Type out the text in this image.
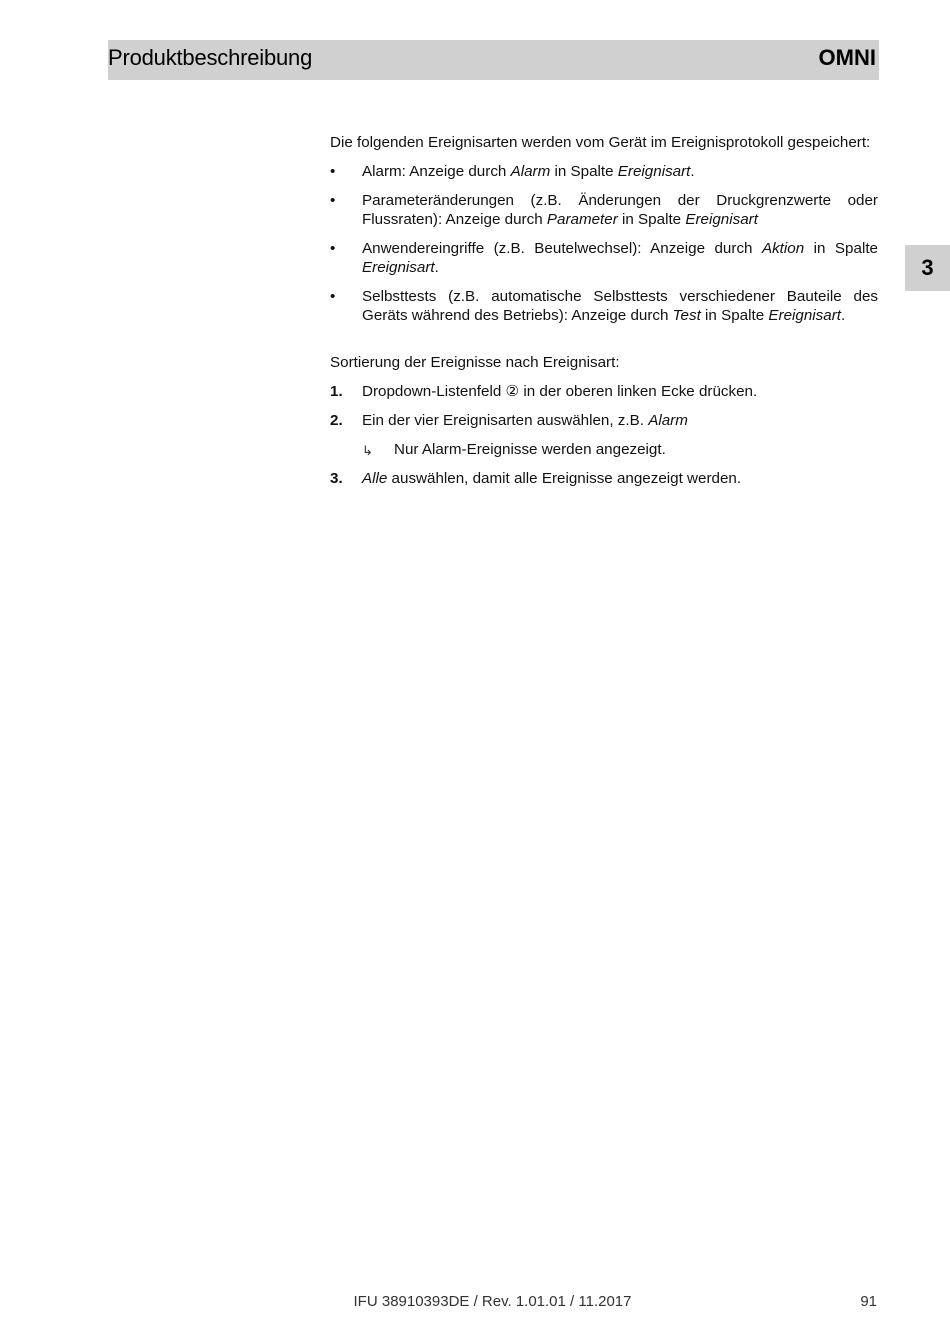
Produktbeschreibung	OMNI
3

Die folgenden Ereignisarten werden vom Gerät im Ereignisprotokoll gespeichert:

• Alarm: Anzeige durch Alarm in Spalte Ereignisart.
• Parameteränderungen (z.B. Änderungen der Druckgrenzwerte oder Flussraten): Anzeige durch Parameter in Spalte Ereignisart
• Anwendereingriffe (z.B. Beutelwechsel): Anzeige durch Aktion in Spalte Ereignisart.
• Selbsttests (z.B. automatische Selbsttests verschiedener Bauteile des Geräts während des Betriebs): Anzeige durch Test in Spalte Ereignisart.

Sortierung der Ereignisse nach Ereignisart:

1. Dropdown-Listenfeld ② in der oberen linken Ecke drücken.
2. Ein der vier Ereignisarten auswählen, z.B. Alarm
↳ Nur Alarm-Ereignisse werden angezeigt.
3. Alle auswählen, damit alle Ereignisse angezeigt werden.
IFU 38910393DE / Rev. 1.01.01 / 11.2017	91
